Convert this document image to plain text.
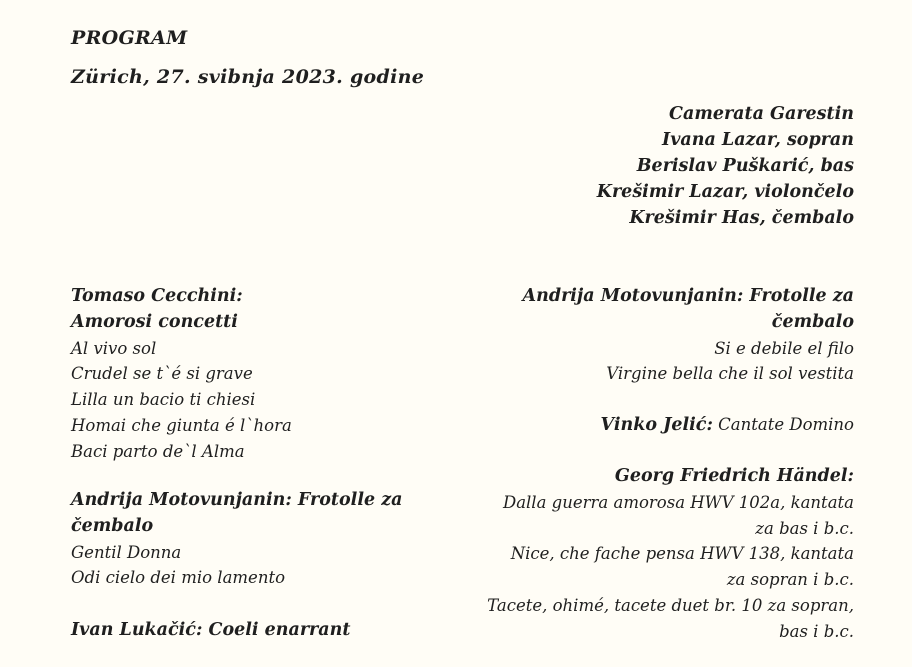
PROGRAM
Zürich, 27. svibnja 2023. godine
Camerata Garestin
Ivana Lazar, sopran
Berislav Puškarić, bas
Krešimir Lazar, violončelo
Krešimir Has, čembalo
Tomaso Cecchini:
Amorosi concetti
Al vivo sol
Crudel se t`é si grave
Lilla un bacio ti chiesi
Homai che giunta é l`hora
Baci parto de`l Alma
Andrija Motovunjanin: Frotolle za
čembalo
Gentil Donna
Odi cielo dei mio lamento
Ivan Lukačić: Coeli enarrant
Andrija Motovunjanin: Frotolle za
čembalo
Si e debile el filo
Virgine bella che il sol vestita
Vinko Jelić: Cantate Domino
Georg Friedrich Händel:
Dalla guerra amorosa HWV 102a, kantata
za bas i b.c.
Nice, che fache pensa HWV 138, kantata
za sopran i b.c.
Tacete, ohimé, tacete duet br. 10 za sopran,
bas i b.c.
